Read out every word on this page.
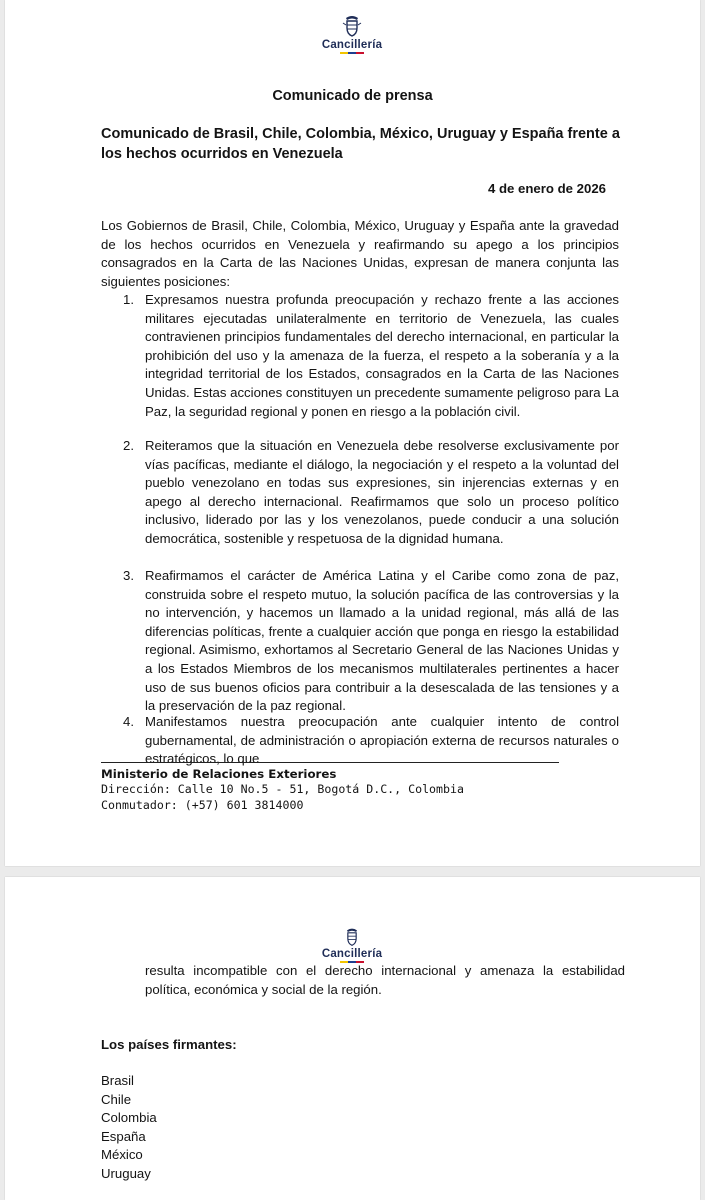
Cancillería
Comunicado de prensa
Comunicado de Brasil, Chile, Colombia, México, Uruguay y España frente a los hechos ocurridos en Venezuela
4 de enero de 2026
Los Gobiernos de Brasil, Chile, Colombia, México, Uruguay y España ante la gravedad de los hechos ocurridos en Venezuela y reafirmando su apego a los principios consagrados en la Carta de las Naciones Unidas, expresan de manera conjunta las siguientes posiciones:
1. Expresamos nuestra profunda preocupación y rechazo frente a las acciones militares ejecutadas unilateralmente en territorio de Venezuela, las cuales contravienen principios fundamentales del derecho internacional, en particular la prohibición del uso y la amenaza de la fuerza, el respeto a la soberanía y a la integridad territorial de los Estados, consagrados en la Carta de las Naciones Unidas. Estas acciones constituyen un precedente sumamente peligroso para La Paz, la seguridad regional y ponen en riesgo a la población civil.
2. Reiteramos que la situación en Venezuela debe resolverse exclusivamente por vías pacíficas, mediante el diálogo, la negociación y el respeto a la voluntad del pueblo venezolano en todas sus expresiones, sin injerencias externas y en apego al derecho internacional. Reafirmamos que solo un proceso político inclusivo, liderado por las y los venezolanos, puede conducir a una solución democrática, sostenible y respetuosa de la dignidad humana.
3. Reafirmamos el carácter de América Latina y el Caribe como zona de paz, construida sobre el respeto mutuo, la solución pacífica de las controversias y la no intervención, y hacemos un llamado a la unidad regional, más allá de las diferencias políticas, frente a cualquier acción que ponga en riesgo la estabilidad regional. Asimismo, exhortamos al Secretario General de las Naciones Unidas y a los Estados Miembros de los mecanismos multilaterales pertinentes a hacer uso de sus buenos oficios para contribuir a la desescalada de las tensiones y a la preservación de la paz regional.
4. Manifestamos nuestra preocupación ante cualquier intento de control gubernamental, de administración o apropiación externa de recursos naturales o estratégicos, lo que
Ministerio de Relaciones Exteriores
Dirección: Calle 10 No.5 - 51, Bogotá D.C., Colombia
Conmutador: (+57) 601 3814000
Cancillería
resulta incompatible con el derecho internacional y amenaza la estabilidad política, económica y social de la región.
Los países firmantes:
Brasil
Chile
Colombia
España
México
Uruguay
